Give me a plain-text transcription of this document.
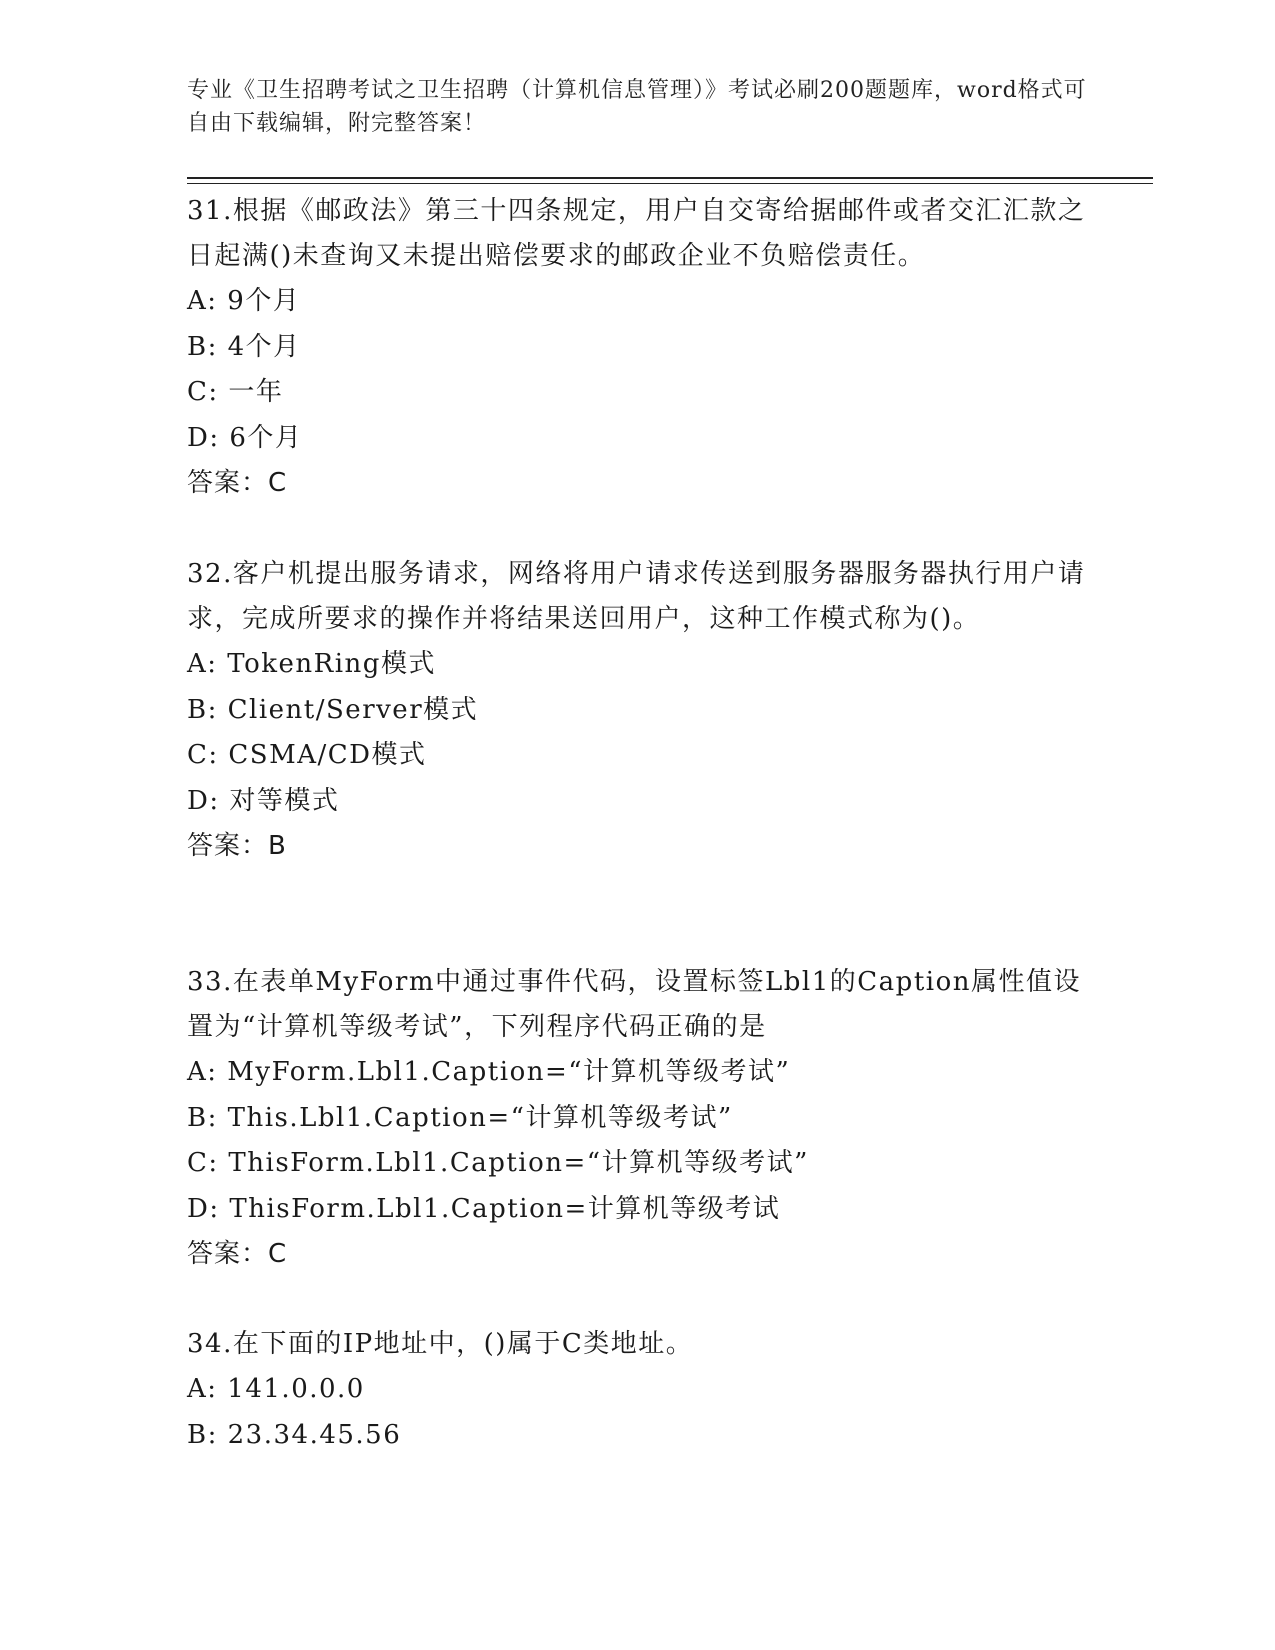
专业《卫生招聘考试之卫生招聘（计算机信息管理）》考试必刷200题题库，word格式可自由下载编辑，附完整答案！
31.根据《邮政法》第三十四条规定，用户自交寄给据邮件或者交汇汇款之日起满()未查询又未提出赔偿要求的邮政企业不负赔偿责任。
A: 9个月
B: 4个月
C: 一年
D: 6个月
答案：C
32.客户机提出服务请求，网络将用户请求传送到服务器服务器执行用户请求，完成所要求的操作并将结果送回用户，这种工作模式称为()。
A: TokenRing模式
B: Client/Server模式
C: CSMA/CD模式
D: 对等模式
答案：B
33.在表单MyForm中通过事件代码，设置标签Lbl1的Caption属性值设置为“计算机等级考试”，下列程序代码正确的是
A: MyForm.Lbl1.Caption=“计算机等级考试”
B: This.Lbl1.Caption=“计算机等级考试”
C: ThisForm.Lbl1.Caption=“计算机等级考试”
D: ThisForm.Lbl1.Caption=计算机等级考试
答案：C
34.在下面的IP地址中，()属于C类地址。
A: 141.0.0.0
B: 23.34.45.56
